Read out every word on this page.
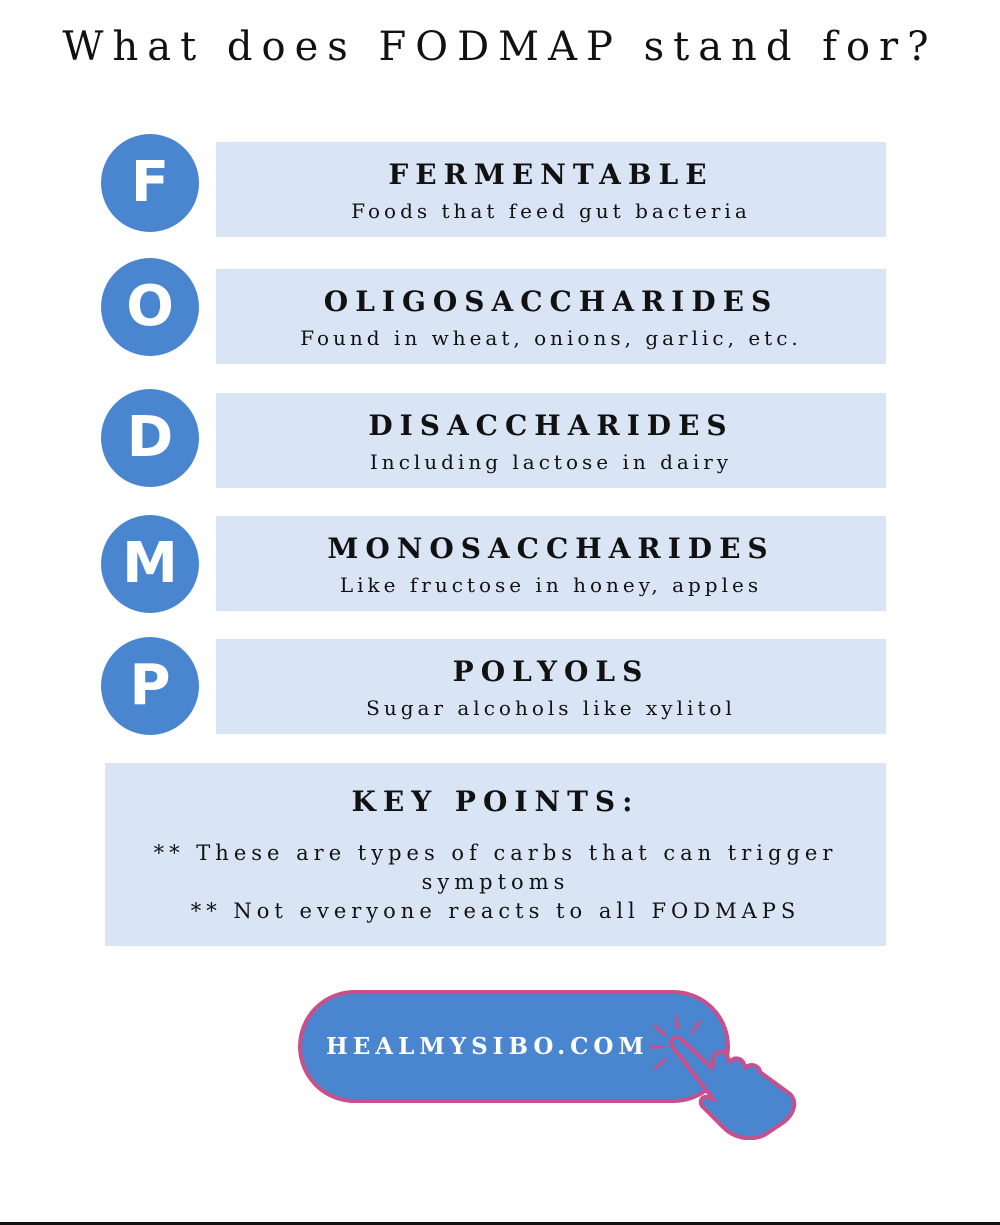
What does FODMAP stand for?
F	FERMENTABLE
Foods that feed gut bacteria
O	OLIGOSACCHARIDES
Found in wheat, onions, garlic, etc.
D	DISACCHARIDES
Including lactose in dairy
M	MONOSACCHARIDES
Like fructose in honey, apples
P	POLYOLS
Sugar alcohols like xylitol
KEY POINTS:
** These are types of carbs that can trigger symptoms
** Not everyone reacts to all FODMAPS
HEALMYSIBO.COM
